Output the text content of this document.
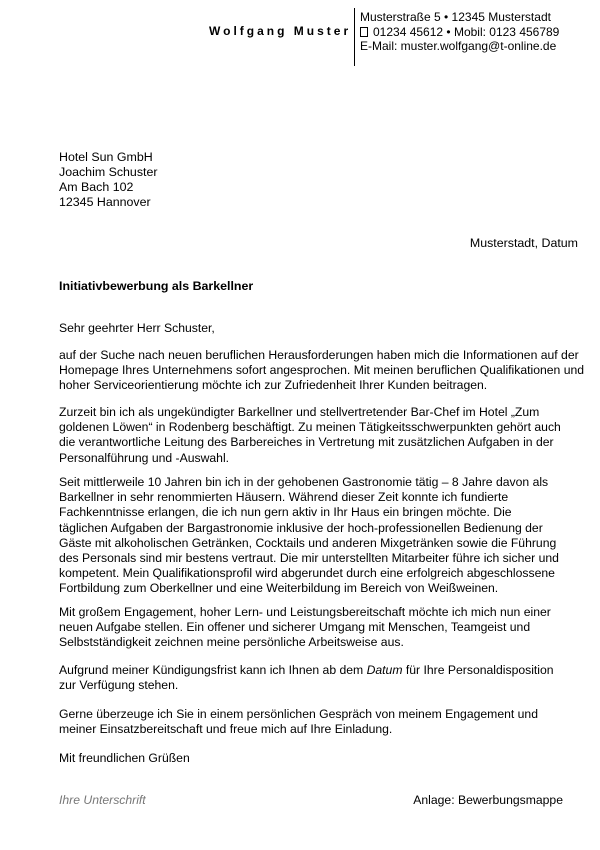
Wolfgang Muster
Musterstraße 5 • 12345 Musterstadt
01234 45612 • Mobil: 0123 456789
E-Mail: muster.wolfgang@t-online.de
Hotel Sun GmbH
Joachim Schuster
Am Bach 102
12345 Hannover
Musterstadt, Datum
Initiativbewerbung als Barkellner
Sehr geehrter Herr Schuster,
auf der Suche nach neuen beruflichen Herausforderungen haben mich die Informationen auf der
Homepage Ihres Unternehmens sofort angesprochen. Mit meinen beruflichen Qualifikationen und
hoher Serviceorientierung möchte ich zur Zufriedenheit Ihrer Kunden beitragen.
Zurzeit bin ich als ungekündigter Barkellner und stellvertretender Bar-Chef im Hotel „Zum
goldenen Löwen“ in Rodenberg beschäftigt. Zu meinen Tätigkeitsschwerpunkten gehört auch
die verantwortliche Leitung des Barbereiches in Vertretung mit zusätzlichen Aufgaben in der
Personalführung und -Auswahl.
Seit mittlerweile 10 Jahren bin ich in der gehobenen Gastronomie tätig – 8 Jahre davon als
Barkellner in sehr renommierten Häusern. Während dieser Zeit konnte ich fundierte
Fachkenntnisse erlangen, die ich nun gern aktiv in Ihr Haus ein bringen möchte. Die
täglichen Aufgaben der Bargastronomie inklusive der hoch-professionellen Bedienung der
Gäste mit alkoholischen Getränken, Cocktails und anderen Mixgetränken sowie die Führung
des Personals sind mir bestens vertraut. Die mir unterstellten Mitarbeiter führe ich sicher und
kompetent. Mein Qualifikationsprofil wird abgerundet durch eine erfolgreich abgeschlossene
Fortbildung zum Oberkellner und eine Weiterbildung im Bereich von Weißweinen.
Mit großem Engagement, hoher Lern- und Leistungsbereitschaft möchte ich mich nun einer
neuen Aufgabe stellen. Ein offener und sicherer Umgang mit Menschen, Teamgeist und
Selbstständigkeit zeichnen meine persönliche Arbeitsweise aus.
Aufgrund meiner Kündigungsfrist kann ich Ihnen ab dem Datum für Ihre Personaldisposition
zur Verfügung stehen.
Gerne überzeuge ich Sie in einem persönlichen Gespräch von meinem Engagement und
meiner Einsatzbereitschaft und freue mich auf Ihre Einladung.
Mit freundlichen Grüßen
Ihre Unterschrift	Anlage: Bewerbungsmappe
